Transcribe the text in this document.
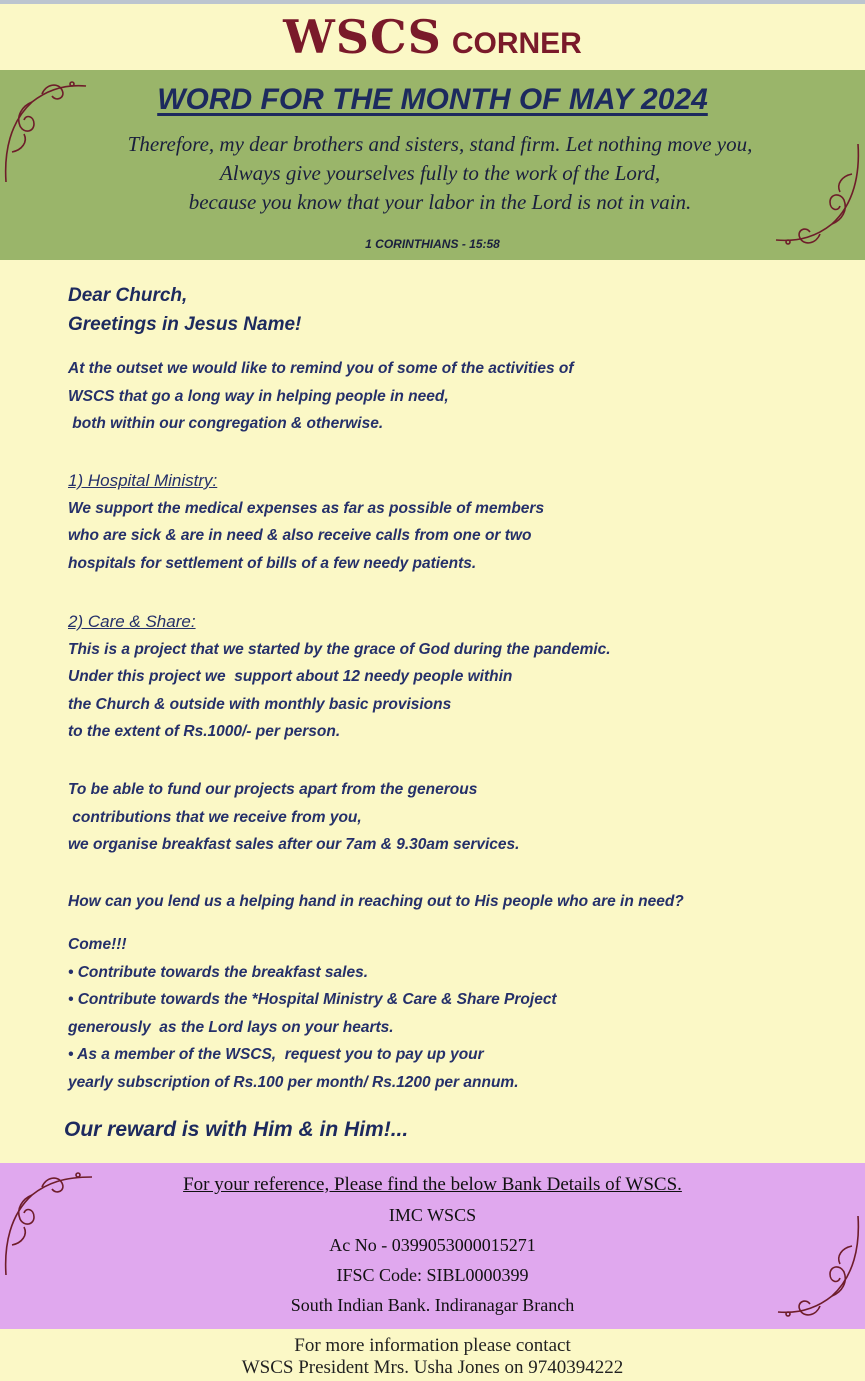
WSCS CORNER
WORD FOR THE MONTH OF MAY 2024
Therefore, my dear brothers and sisters, stand firm. Let nothing move you,
Always give yourselves fully to the work of the Lord,
because you know that your labor in the Lord is not in vain.
1 CORINTHIANS - 15:58
Dear Church,
Greetings in Jesus Name!
At the outset we would like to remind you of some of the activities of
WSCS that go a long way in helping people in need,
both within our congregation & otherwise.
1) Hospital Ministry:
We support the medical expenses as far as possible of members
who are sick & are in need & also receive calls from one or two
hospitals for settlement of bills of a few needy patients.
2) Care & Share:
This is a project that we started by the grace of God during the pandemic.
Under this project we  support about 12 needy people within
the Church & outside with monthly basic provisions
to the extent of Rs.1000/- per person.
To be able to fund our projects apart from the generous
contributions that we receive from you,
we organise breakfast sales after our 7am & 9.30am services.
How can you lend us a helping hand in reaching out to His people who are in need?
Come!!!
• Contribute towards the breakfast sales.
• Contribute towards the *Hospital Ministry & Care & Share Project
generously  as the Lord lays on your hearts.
• As a member of the WSCS,  request you to pay up your
yearly subscription of Rs.100 per month/ Rs.1200 per annum.
Our reward is with Him & in Him!...
For your reference, Please find the below Bank Details of WSCS.
IMC WSCS
Ac No - 0399053000015271
IFSC Code: SIBL0000399
South Indian Bank. Indiranagar Branch
For more information please contact
WSCS President Mrs. Usha Jones on 9740394222
